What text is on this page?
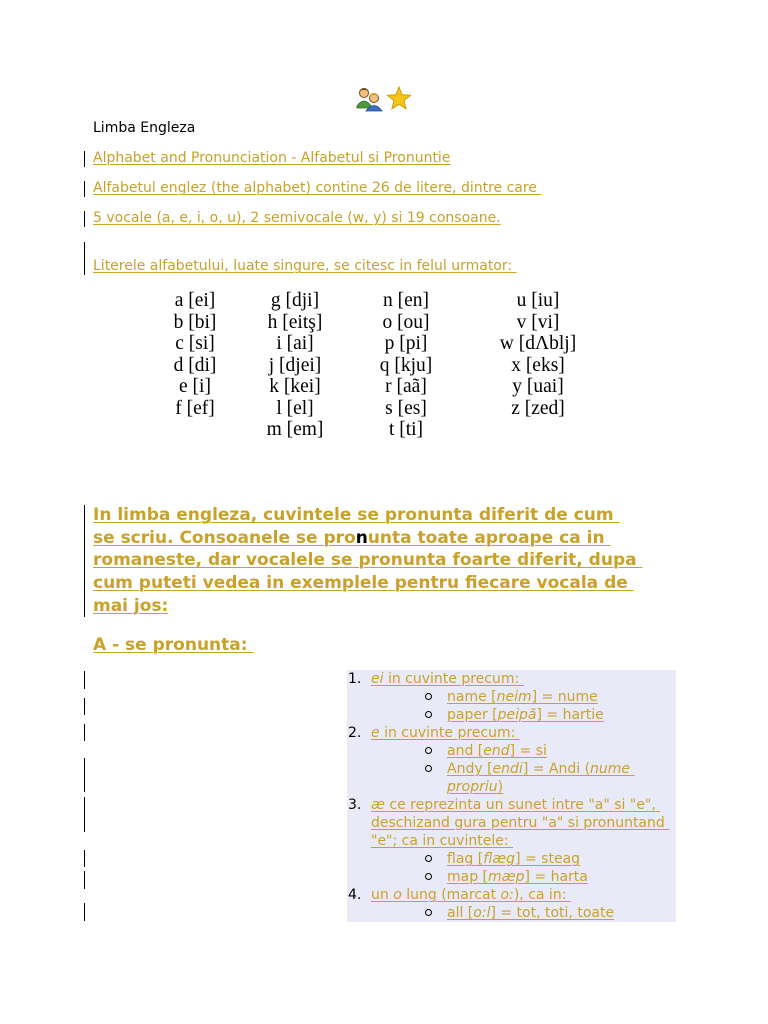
Limba Engleza
Alphabet and Pronunciation - Alfabetul si Pronuntie
Alfabetul englez (the alphabet) contine 26 de litere, dintre care
5 vocale (a, e, i, o, u), 2 semivocale (w, y) si 19 consoane.
Literele alfabetului, luate singure, se citesc in felul urmator:
a [ei]
b [bi]
c [si]
d [di]
e [i]
f [ef]
g [dji]
h [eitş]
i [ai]
j [djei]
k [kei]
l [el]
m [em]
n [en]
o [ou]
p [pi]
q [kju]
r [aã]
s [es]
t [ti]
u [iu]
v [vi]
w [dΛblj]
x [eks]
y [uai]
z [zed]
In limba engleza, cuvintele se pronunta diferit de cum
se scriu. Consoanele se pronunta toate aproape ca in
romaneste, dar vocalele se pronunta foarte diferit, dupa
cum puteti vedea in exemplele pentru fiecare vocala de
mai jos:
A - se pronunta:
1. ei in cuvinte precum:
name [neim] = nume
paper [peipă] = hartie
2. e in cuvinte precum:
and [end] = si
Andy [endi] = Andi (nume propriu)
3. æ ce reprezinta un sunet intre "a" si "e", deschizand gura pentru "a" si pronuntand "e"; ca in cuvintele:
flag [flæg] = steag
map [mæp] = harta
4. un o lung (marcat o:), ca in:
all [o:l] = tot, toti, toate
